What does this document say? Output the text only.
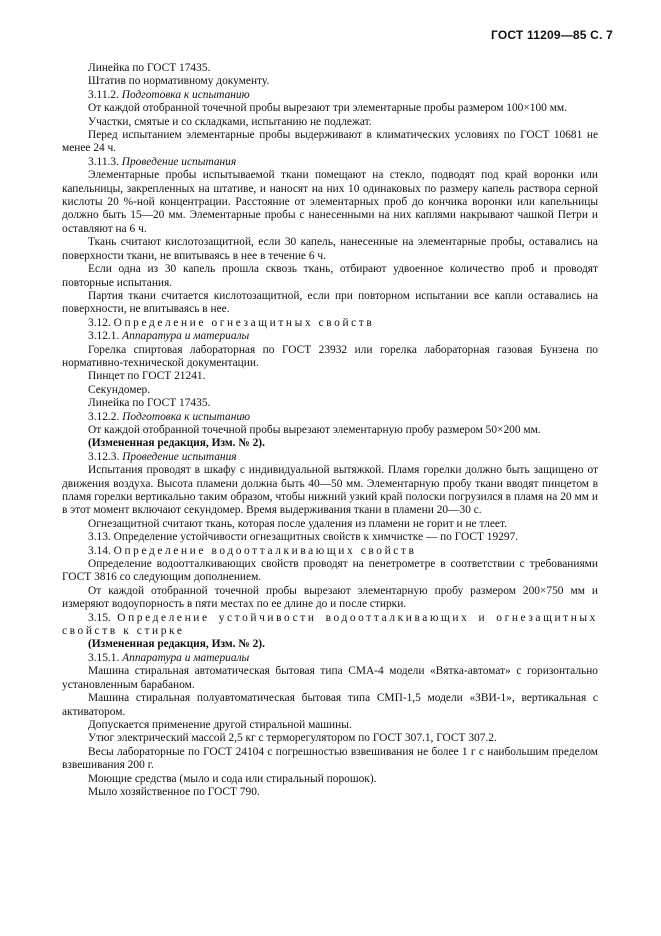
ГОСТ 11209—85 С. 7

Линейка по ГОСТ 17435.

Штатив по нормативному документу.

3.11.2. Подготовка к испытанию

От каждой отобранной точечной пробы вырезают три элементарные пробы размером 100×100 мм.

Участки, смятые и со складками, испытанию не подлежат.

Перед испытанием элементарные пробы выдерживают в климатических условиях по ГОСТ 10681 не менее 24 ч.

3.11.3. Проведение испытания

Элементарные пробы испытываемой ткани помещают на стекло, подводят под край воронки или капельницы, закрепленных на штативе, и наносят на них 10 одинаковых по размеру капель раствора серной кислоты 20 %-ной концентрации. Расстояние от элементарных проб до кончика воронки или капельницы должно быть 15—20 мм. Элементарные пробы с нанесенными на них каплями накрывают чашкой Петри и оставляют на 6 ч.

Ткань считают кислотозащитной, если 30 капель, нанесенные на элементарные пробы, оставались на поверхности ткани, не впитываясь в нее в течение 6 ч.

Если одна из 30 капель прошла сквозь ткань, отбирают удвоенное количество проб и проводят повторные испытания.

Партия ткани считается кислотозащитной, если при повторном испытании все капли оставались на поверхности, не впитываясь в нее.

3.12. Определение огнезащитных свойств

3.12.1. Аппаратура и материалы

Горелка спиртовая лабораторная по ГОСТ 23932 или горелка лабораторная газовая Бунзена по нормативно-технической документации.

Пинцет по ГОСТ 21241.

Секундомер.

Линейка по ГОСТ 17435.

3.12.2. Подготовка к испытанию

От каждой отобранной точечной пробы вырезают элементарную пробу размером 50×200 мм.

(Измененная редакция, Изм. № 2).

3.12.3. Проведение испытания

Испытания проводят в шкафу с индивидуальной вытяжкой. Пламя горелки должно быть защищено от движения воздуха. Высота пламени должна быть 40—50 мм. Элементарную пробу ткани вводят пинцетом в пламя горелки вертикально таким образом, чтобы нижний узкий край полоски погрузился в пламя на 20 мм и в этот момент включают секундомер. Время выдерживания ткани в пламени 20—30 с.

Огнезащитной считают ткань, которая после удаления из пламени не горит и не тлеет.

3.13. Определение устойчивости огнезащитных свойств к химчистке — по ГОСТ 19297.

3.14. Определение водоотталкивающих свойств

Определение водоотталкивающих свойств проводят на пенетрометре в соответствии с требованиями ГОСТ 3816 со следующим дополнением.

От каждой отобранной точечной пробы вырезают элементарную пробу размером 200×750 мм и измеряют водоупорность в пяти местах по ее длине до и после стирки.

3.15. Определение устойчивости водоотталкивающих и огнезащитных свойств к стирке

(Измененная редакция, Изм. № 2).

3.15.1. Аппаратура и материалы

Машина стиральная автоматическая бытовая типа СМА-4 модели «Вятка-автомат» с горизонтально установленным барабаном.

Машина стиральная полуавтоматическая бытовая типа СМП-1,5 модели «ЗВИ-1», вертикальная с активатором.

Допускается применение другой стиральной машины.

Утюг электрический массой 2,5 кг с терморегулятором по ГОСТ 307.1, ГОСТ 307.2.

Весы лабораторные по ГОСТ 24104 с погрешностью взвешивания не более 1 г с наибольшим пределом взвешивания 200 г.

Моющие средства (мыло и сода или стиральный порошок).

Мыло хозяйственное по ГОСТ 790.
